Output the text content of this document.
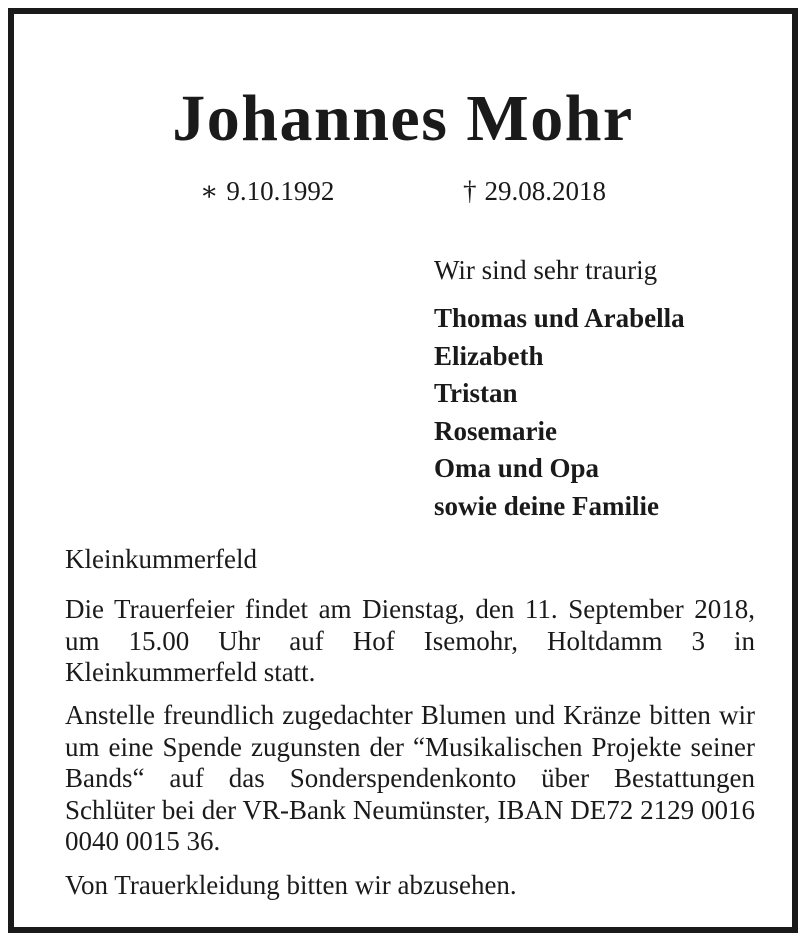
Johannes Mohr
∗ 9.10.1992	† 29.08.2018
Wir sind sehr traurig
Thomas und Arabella
Elizabeth
Tristan
Rosemarie
Oma und Opa
sowie deine Familie
Kleinkummerfeld
Die Trauerfeier findet am Dienstag, den 11. September 2018, um 15.00 Uhr auf Hof Isemohr, Holtdamm 3 in Kleinkummerfeld statt.
Anstelle freundlich zugedachter Blumen und Kränze bitten wir um eine Spende zugunsten der “Musikalischen Projekte seiner Bands“ auf das Sonderspendenkonto über Bestattungen Schlüter bei der VR-Bank Neumünster, IBAN DE72 2129 0016 0040 0015 36.
Von Trauerkleidung bitten wir abzusehen.
